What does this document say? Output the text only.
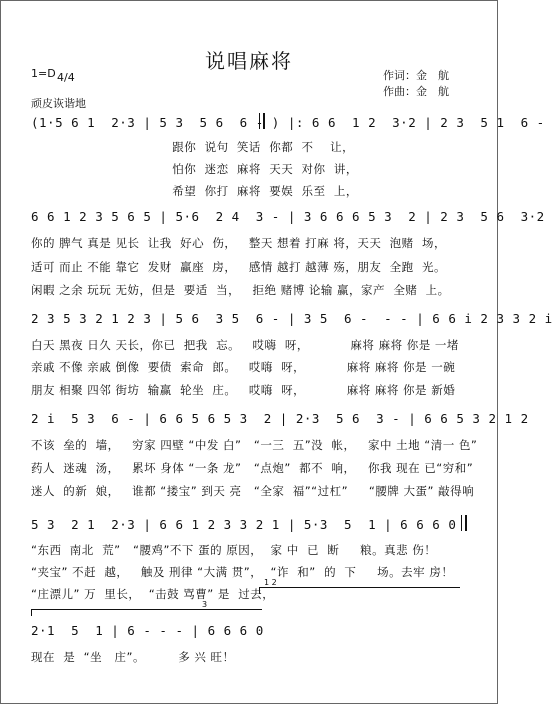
说唱麻将
作词：金　航
作曲：金　航
1=D 4/4
顽皮诙谐地
(1·5 6 1  2·3 | 5 3  5 6  6 - ) |: 6 6  1 2  3·2 | 2 3  5 1  6 -
跟你  说句  笑话  你都  不    让，
怕你  迷恋  麻将  天天  对你  讲，
希望  你打  麻将  要娱  乐至  上，
6 6 1 2 3 5 6 5 | 5·6  2 4  3 - | 3 6 6 6 5 3  2 | 2 3  5 6  3·2
你的 脾气 真是 见长  让我  好心  伤，   整天 想着 打麻 将，天天  泡赌  场，
适可 而止 不能 靠它  发财  赢座  房，   感情 越打 越薄 殇，朋友  全跑  光。
闲暇 之余 玩玩 无妨，但是  要适  当，   拒绝 赌博 论输 赢，家产  全赌  上。
2 3 5 3 2 1 2 3 | 5 6  3 5  6 - | 3 5  6 -  - - | 6 6 i 2 3 3 2 i
白天 黑夜 日久 天长，你已  把我  忘。   哎嗨  呀，          麻将 麻将 你是 一堵
亲戚 不像 亲戚 倒像  要债  索命  郎。   哎嗨  呀，          麻将 麻将 你是 一碗
朋友 相聚 四邻 街坊  输赢  轮坐  庄。   哎嗨  呀，          麻将 麻将 你是 新婚
2 i  5 3  6 - | 6 6 5 6 5 3  2 | 2·3  5 6  3 - | 6 6 5 3 2 1 2
不该  垒的  墙，   穷家 四壁 “中发 白”   “一三  五”没  帐，   家中 土地 “清一 色”
药人  迷魂  汤，   累坏 身体 “一条 龙”   “点炮”  都不  响，   你我 现在 已“穷和”
迷人  的新  娘，   谁都 “搂宝” 到天 亮   “全家  福”“过杠”     “腰牌 大蛋” 敲得响
5 3  2 1  2·3 | 6 6 1 2 3 3 2 1 | 5·3  5  1 | 6 6 6 0
“东西  南北  荒”   “腰鸡”不下 蛋的 原因，  家 中  已  断     粮。真悲 伤！
“夹宝” 不赶  越，   触及 刑律 “大满 贯”，  “诈  和”  的  下     场。去牢 房！
“庄漂儿” 万  里长，  “击鼓 骂曹” 是  过去，
1 2
3
2·1  5  1 | 6 - - - | 6 6 6 0
现在  是  “坐   庄”。        多 兴 旺！
